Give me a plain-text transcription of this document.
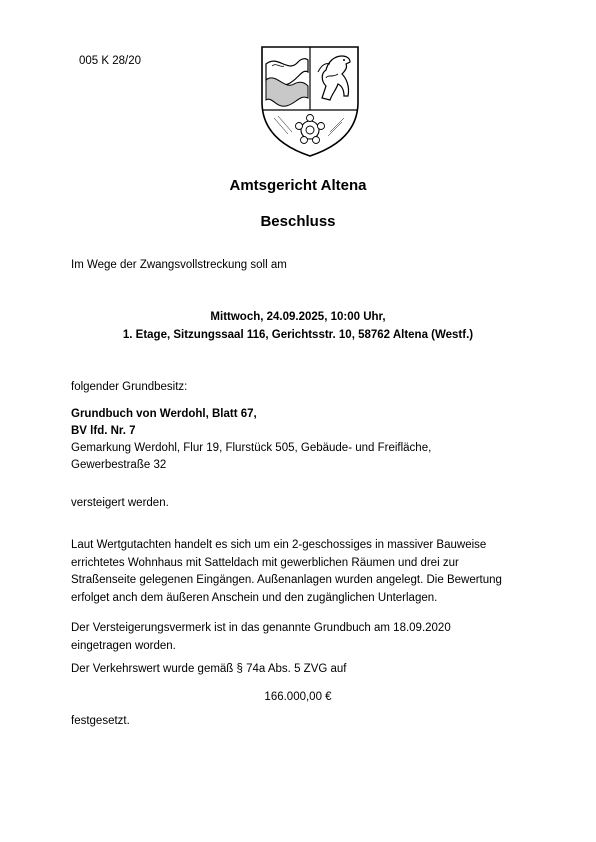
005 K 28/20
Amtsgericht Altena
Beschluss
Im Wege der Zwangsvollstreckung soll am
Mittwoch, 24.09.2025, 10:00 Uhr,
1. Etage, Sitzungssaal 116, Gerichtsstr. 10, 58762 Altena (Westf.)
folgender Grundbesitz:
Grundbuch von Werdohl, Blatt 67,
BV lfd. Nr. 7
Gemarkung Werdohl, Flur 19, Flurstück 505, Gebäude- und Freifläche,
Gewerbestraße 32
versteigert werden.
Laut Wertgutachten handelt es sich um ein 2-geschossiges in massiver Bauweise
errichtetes Wohnhaus mit Satteldach mit gewerblichen Räumen und drei zur
Straßenseite gelegenen Eingängen. Außenanlagen wurden angelegt. Die Bewertung
erfolget anch dem äußeren Anschein und den zugänglichen Unterlagen.
Der Versteigerungsvermerk ist in das genannte Grundbuch am 18.09.2020
eingetragen worden.
Der Verkehrswert wurde gemäß § 74a Abs. 5 ZVG auf
166.000,00 €
festgesetzt.
